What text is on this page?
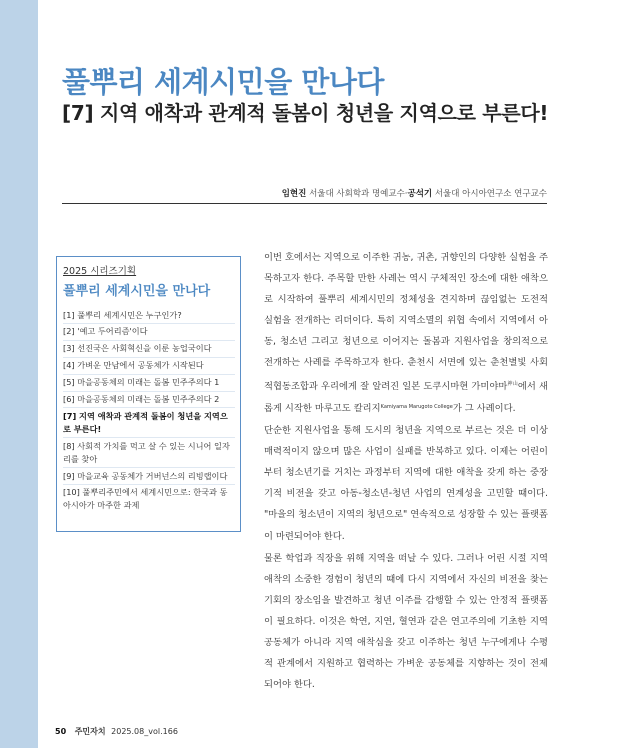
풀뿌리 세계시민을 만나다
[7] 지역 애착과 관계적 돌봄이 청년을 지역으로 부른다!
임현진 서울대 사회학과 명예교수·공석기 서울대 아시아연구소 연구교수
2025 시리즈기획
풀뿌리 세계시민을 만나다
[1] 풀뿌리 세계시민은 누구인가?
[2] '예고 두어리즘'이다
[3] 선진국은 사회혁신을 이룬 농업국이다
[4] 가벼운 만남에서 공동체가 시작된다
[5] 마을공동체의 미래는 돌봄 민주주의다 1
[6] 마을공동체의 미래는 돌봄 민주주의다 2
[7] 지역 애착과 관계적 돌봄이 청년을 지역으로 부른다!
[8] 사회적 가치를 먹고 살 수 있는 시니어 일자리를 찾아
[9] 마을교육 공동체가 거버넌스의 리빙랩이다
[10] 풀뿌리주민에서 세계시민으로: 한국과 동아시아가 마주한 과제

이번 호에서는 지역으로 이주한 귀농, 귀촌, 귀향인의 다양한 실험을 주목하고자 한다. 주목할 만한 사례는 역시 구체적인 장소에 대한 애착으로 시작하여 풀뿌리 세계시민의 정체성을 견지하며 끊임없는 도전적 실험을 전개하는 리더이다. 특히 지역소멸의 위협 속에서 지역에서 아동, 청소년 그리고 청년으로 이어지는 돌봄과 지원사업을 창의적으로 전개하는 사례를 주목하고자 한다. 춘천시 서면에 있는 춘천별빛 사회적협동조합과 우리에게 잘 알려진 일본 도쿠시마현 가미야마$^{神山}$에서 새롭게 시작한 마루고도 칼리지$^{Kamiyama Marugoto College}$가 그 사례이다.

단순한 지원사업을 통해 도시의 청년을 지역으로 부르는 것은 더 이상 매력적이지 않으며 많은 사업이 실패를 반복하고 있다. 이제는 어린이부터 청소년기를 거치는 과정부터 지역에 대한 애착을 갖게 하는 중장기적 비전을 갖고 아동-청소년-청년 사업의 연계성을 고민할 때이다. "마을의 청소년이 지역의 청년으로" 연속적으로 성장할 수 있는 플랫폼이 마련되어야 한다.

물론 학업과 직장을 위해 지역을 떠날 수 있다. 그러나 어린 시절 지역 애착의 소중한 경험이 청년의 때에 다시 지역에서 자신의 비전을 찾는 기회의 장소임을 발견하고 청년 이주를 감행할 수 있는 안정적 플랫폼이 필요하다. 이것은 학연, 지연, 혈연과 같은 연고주의에 기초한 지역공동체가 아니라 지역 애착심을 갖고 이주하는 청년 누구에게나 수평적 관계에서 지원하고 협력하는 가벼운 공동체를 지향하는 것이 전제되어야 한다.

50 주민자치 2025.08_vol.166
